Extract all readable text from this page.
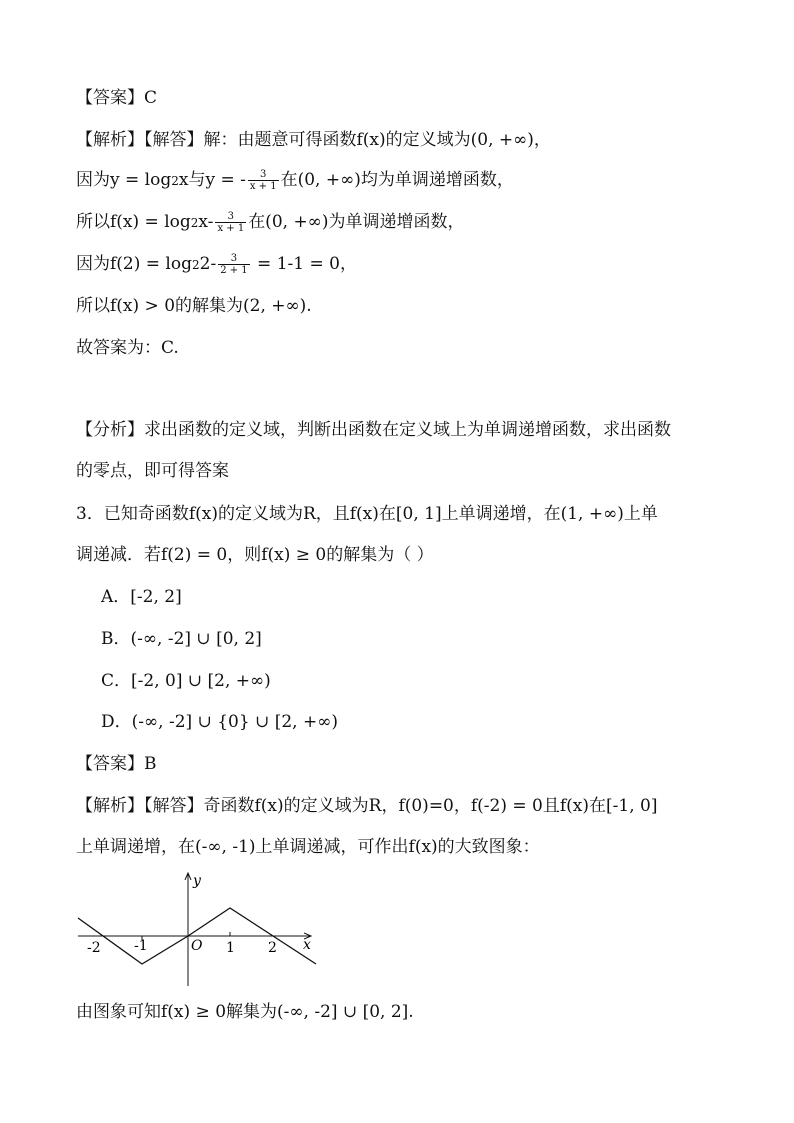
【答案】C
【解析】【解答】解：由题意可得函数f(x)的定义域为(0, +∞)，
因为y = log2x与y = - $\frac{3}{x + 1}$ 在(0, +∞)均为单调递增函数，
所以$f(x) = \log 2x- \frac{3}{x + 1}$ 在(0, +∞)为单调递增函数，
因为$f(2) = \log 22- \frac{3}{2 + 1} = 1-1 = 0$，
所以f(x) > 0的解集为(2, +∞).
故答案为：C.
【分析】求出函数的定义域，判断出函数在定义域上为单调递增函数，求出函数
的零点，即可得答案
3．已知奇函数f(x)的定义域为R，且f(x)在[0, 1]上单调递增，在(1, +∞)上单
调递减．若f(2) = 0，则f(x) ≥ 0的解集为（ ）
A．[-2, 2]
B．(-∞, -2] ∪ [0, 2]
C．[-2, 0] ∪ [2, +∞)
D．(-∞, -2] ∪ {0} ∪ [2, +∞)
【答案】B
【解析】【解答】奇函数f(x)的定义域为R，f(0)=0，f(-2) = 0且f(x)在[-1, 0]
上单调递增，在(-∞, -1)上单调递减，可作出f(x)的大致图象：
y
x
O
-2 -1	1 2
由图象可知f(x) ≥ 0解集为(-∞, -2] ∪ [0, 2].
